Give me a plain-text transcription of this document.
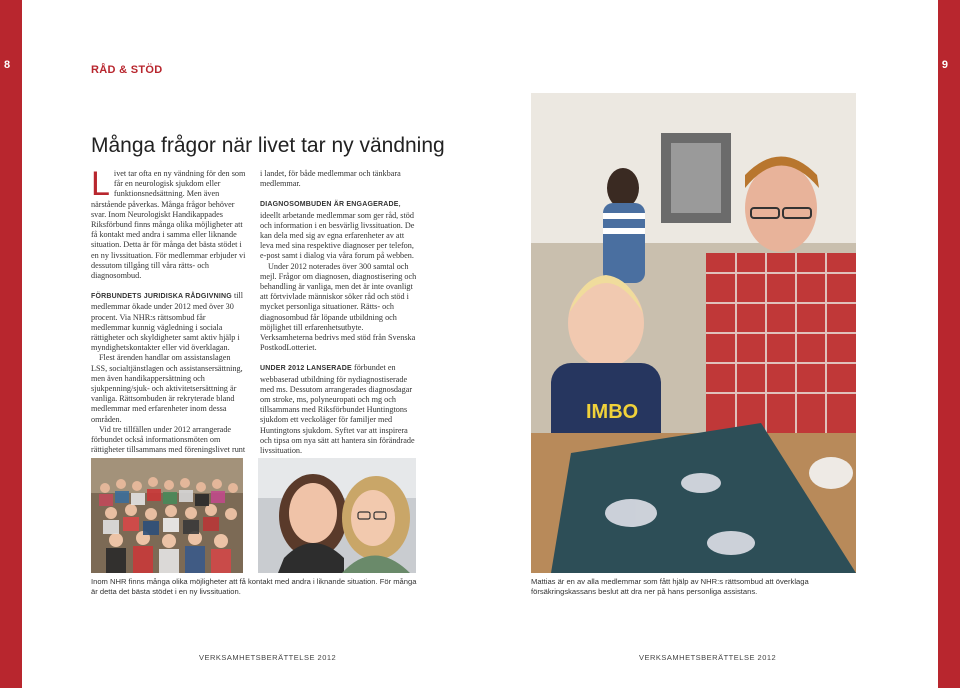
8	9
RÅD & STÖD
Många frågor när livet tar ny vändning

Livet tar ofta en ny vändning för den som får en neurologisk sjukdom eller funktionsnedsättning. Men även närstående påverkas. Många frågor behöver svar. Inom Neurologiskt Handikappades Riksförbund finns många olika möjligheter att få kontakt med andra i samma eller liknande situation. Detta är för många det bästa stödet i en ny livssituation. För medlemmar erbjuder vi dessutom tillgång till våra rätts- och diagnosombud.

FÖRBUNDETS JURIDISKA RÅDGIVNING till medlemmar ökade under 2012 med över 30 procent. Via NHR:s rättsombud får medlemmar kunnig vägledning i sociala rättigheter och skyldigheter samt aktiv hjälp i myndighetskontakter eller vid överklagan.

Flest ärenden handlar om assistanslagen LSS, socialtjänstlagen och assistansersättning, men även handikappersättning och sjukpenning/sjuk- och aktivitetsersättning är vanliga. Rättsombuden är rekryterade bland medlemmar med erfarenheter inom dessa områden.

Vid tre tillfällen under 2012 arrangerade förbundet också informationsmöten om rättigheter tillsammans med föreningslivet runt

i landet, för både medlemmar och tänkbara medlemmar.

DIAGNOSOMBUDEN ÄR ENGAGERADE, ideellt arbetande medlemmar som ger råd, stöd och information i en besvärlig livssituation. De kan dela med sig av egna erfarenheter av att leva med sina respektive diagnoser per telefon, e-post samt i dialog via våra forum på webben.

Under 2012 noterades över 300 samtal och mejl. Frågor om diagnosen, diagnostisering och behandling är vanliga, men det är inte ovanligt att förtvivlade människor söker råd och stöd i mycket personliga situationer. Rätts- och diagnosombud får löpande utbildning och möjlighet till erfarenhetsutbyte. Verksamheterna bedrivs med stöd från Svenska PostkodLotteriet.

UNDER 2012 LANSERADE förbundet en webbaserad utbildning för nydiagnostiserade med ms. Dessutom arrangerades diagnosdagar om stroke, ms, polyneuropati och mg och tillsammans med Riksförbundet Huntingtons sjukdom ett veckoläger för familjer med Huntingtons sjukdom. Syftet var att inspirera och tipsa om nya sätt att hantera sin förändrade livssituation.

IMBO
Inom NHR finns många olika möjligheter att få kontakt med andra i liknande situation. För många är detta det bästa stödet i en ny livssituation.
Mattias är en av alla medlemmar som fått hjälp av NHR:s rättsombud att överklaga försäkringskassans beslut att dra ner på hans personliga assistans.
VERKSAMHETSBERÄTTELSE 2012	VERKSAMHETSBERÄTTELSE 2012
